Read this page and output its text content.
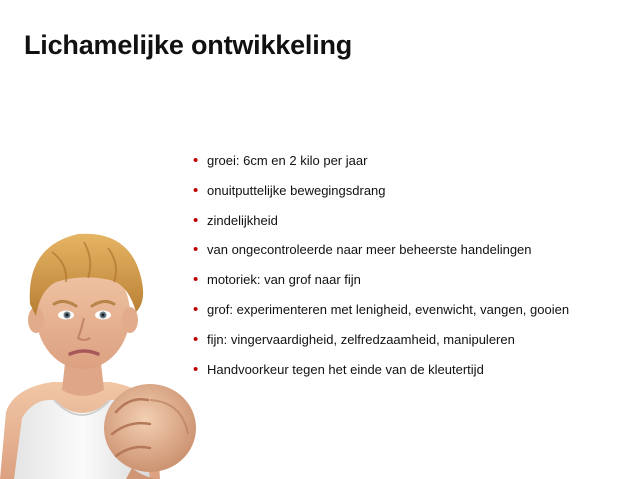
Lichamelijke ontwikkeling
• groei: 6cm en 2 kilo per jaar
• onuitputtelijke bewegingsdrang
• zindelijkheid
• van ongecontroleerde naar meer beheerste handelingen
• motoriek: van grof naar fijn
• grof: experimenteren met lenigheid, evenwicht, vangen, gooien
• fijn: vingervaardigheid, zelfredzaamheid, manipuleren
• Handvoorkeur tegen het einde van de kleutertijd
